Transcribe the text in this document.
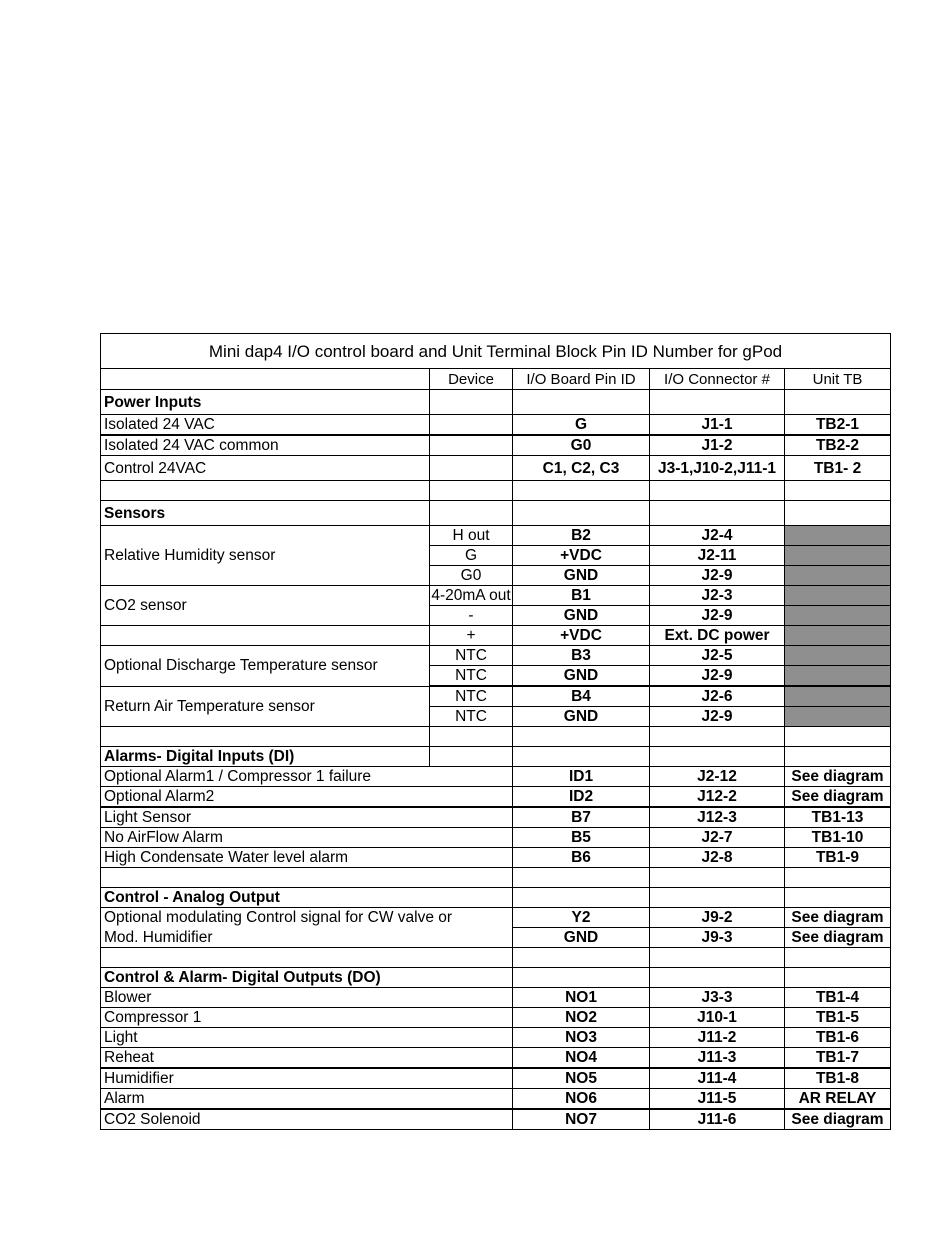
Mini dap4 I/O control board and Unit Terminal Block Pin ID Number for gPod				
	Device	I/O Board Pin ID	I/O Connector #	Unit TB
Power Inputs				
Isolated 24 VAC		G	J1-1	TB2-1
Isolated 24 VAC common		G0	J1-2	TB2-2
Control 24VAC		C1, C2, C3	J3-1,J10-2,J11-1	TB1- 2

Sensors				
Relative Humidity sensor	H out	B2	J2-4	
	G	+VDC	J2-11	
	G0	GND	J2-9	
CO2 sensor	4-20mA out	B1	J2-3	
	-	GND	J2-9	
	+	+VDC	Ext. DC power	
Optional Discharge Temperature sensor	NTC	B3	J2-5	
	NTC	GND	J2-9	
Return Air Temperature sensor	NTC	B4	J2-6	
	NTC	GND	J2-9	

Alarms- Digital Inputs (DI)				
Optional Alarm1 / Compressor 1 failure		ID1	J2-12	See diagram
Optional Alarm2		ID2	J12-2	See diagram
Light Sensor		B7	J12-3	TB1-13
No AirFlow Alarm		B5	J2-7	TB1-10
High Condensate Water level alarm		B6	J2-8	TB1-9

Control - Analog Output				
Optional modulating Control signal for CW valve or		Y2	J9-2	See diagram
Mod. Humidifier		GND	J9-3	See diagram

Control & Alarm- Digital Outputs (DO)				
Blower		NO1	J3-3	TB1-4
Compressor 1		NO2	J10-1	TB1-5
Light		NO3	J11-2	TB1-6
Reheat		NO4	J11-3	TB1-7
Humidifier		NO5	J11-4	TB1-8
Alarm		NO6	J11-5	AR RELAY
CO2 Solenoid		NO7	J11-6	See diagram
